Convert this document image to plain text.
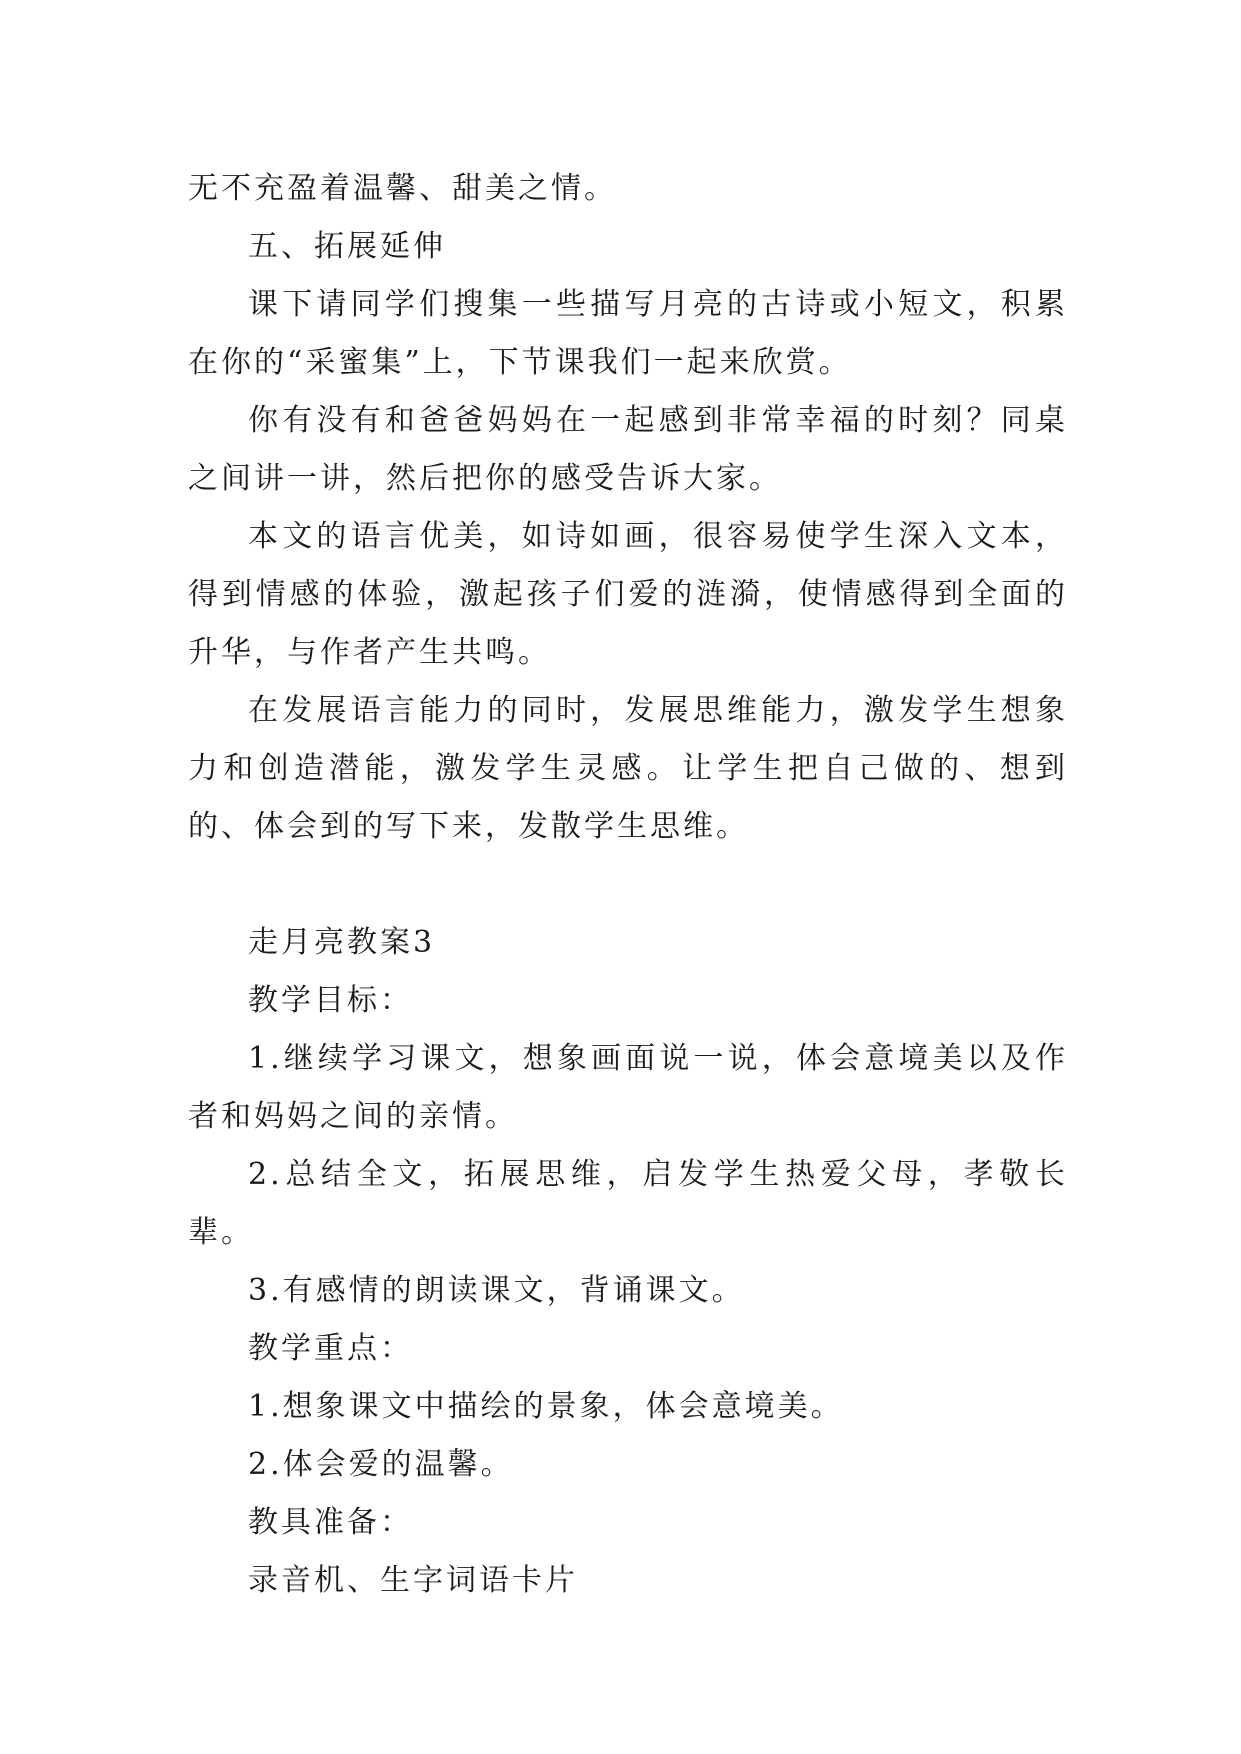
无不充盈着温馨、甜美之情。

五、拓展延伸

课下请同学们搜集一些描写月亮的古诗或小短文，积累在你的“采蜜集”上，下节课我们一起来欣赏。

你有没有和爸爸妈妈在一起感到非常幸福的时刻？同桌之间讲一讲，然后把你的感受告诉大家。

本文的语言优美，如诗如画，很容易使学生深入文本，得到情感的体验，激起孩子们爱的涟漪，使情感得到全面的升华，与作者产生共鸣。

在发展语言能力的同时，发展思维能力，激发学生想象力和创造潜能，激发学生灵感。让学生把自己做的、想到的、体会到的写下来，发散学生思维。

走月亮教案3

教学目标：

1.继续学习课文，想象画面说一说，体会意境美以及作者和妈妈之间的亲情。

2.总结全文，拓展思维，启发学生热爱父母，孝敬长辈。

3.有感情的朗读课文，背诵课文。

教学重点：

1.想象课文中描绘的景象，体会意境美。

2.体会爱的温馨。

教具准备：

录音机、生字词语卡片
